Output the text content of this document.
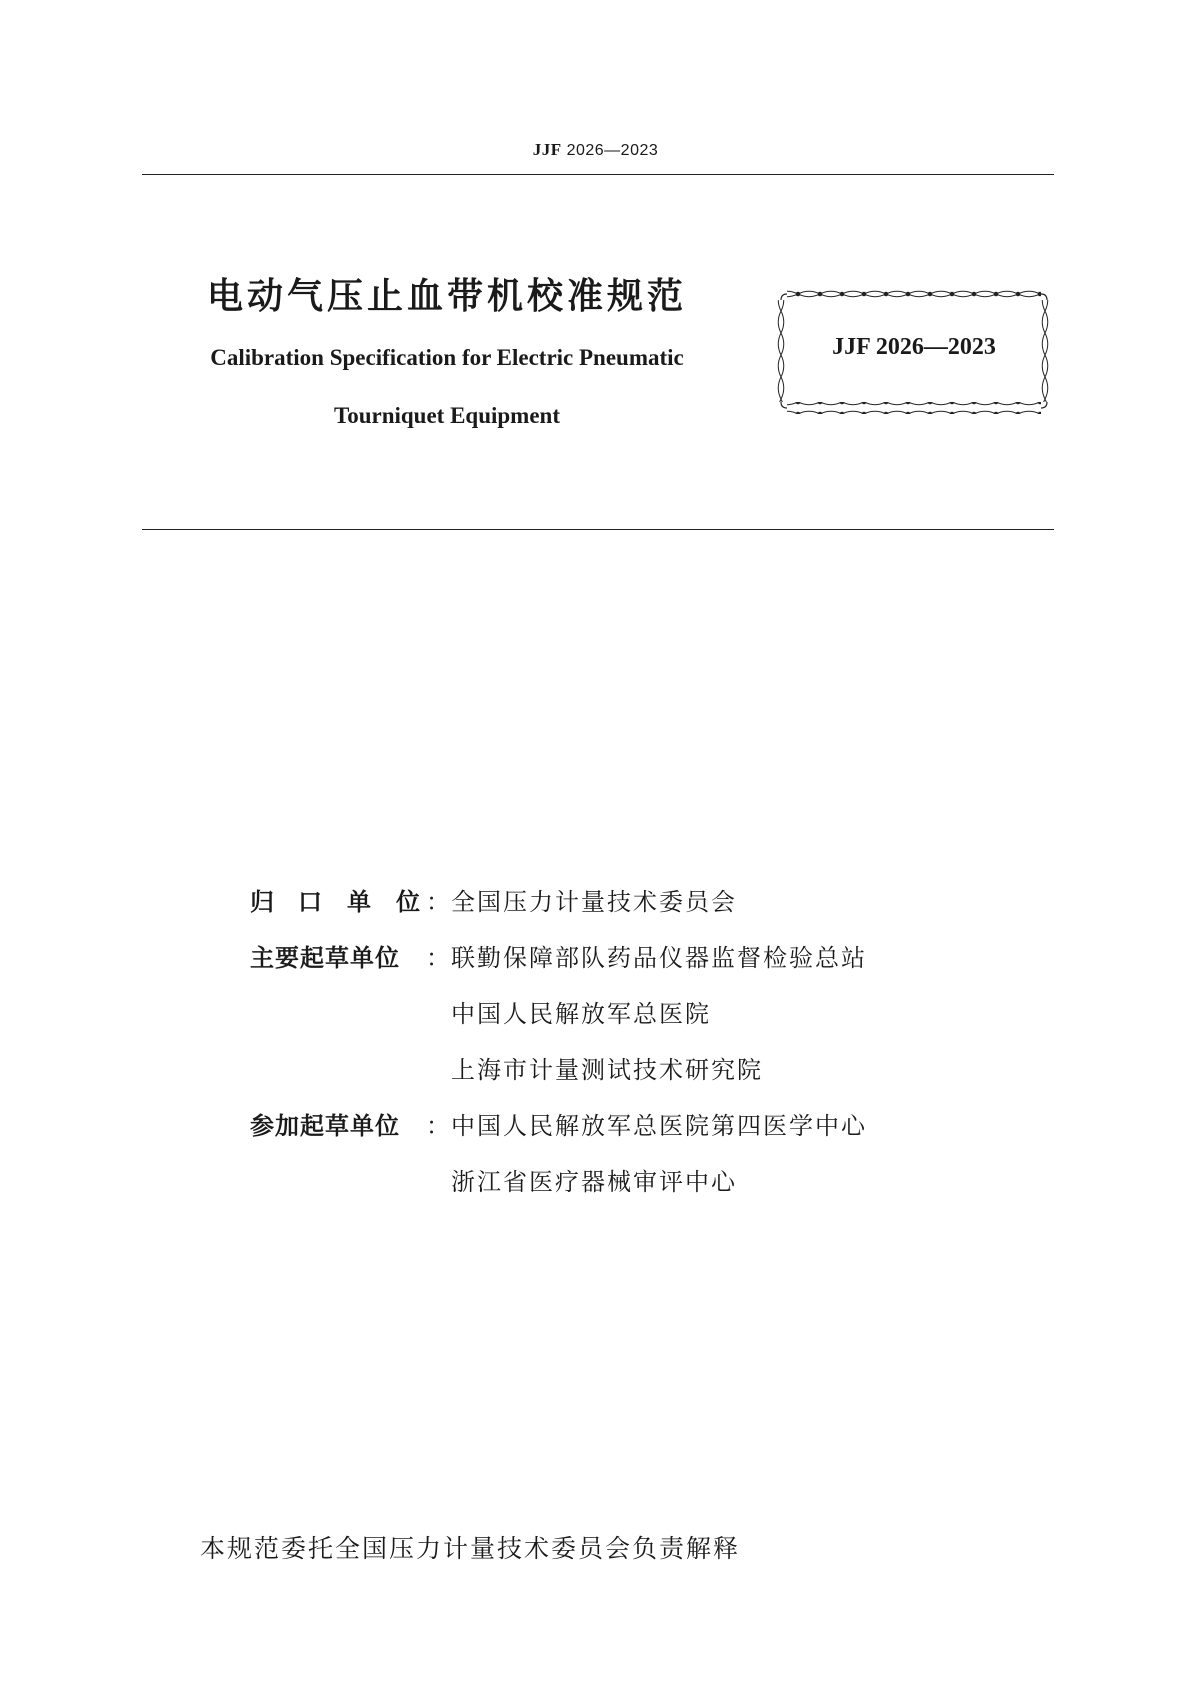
JJF 2026—2023
电动气压止血带机校准规范
Calibration Specification for Electric Pneumatic
Tourniquet Equipment
JJF 2026—2023
归 口 单 位 ： 全国压力计量技术委员会
主要起草单位	： 联勤保障部队药品仪器监督检验总站
中国人民解放军总医院
上海市计量测试技术研究院
参加起草单位	： 中国人民解放军总医院第四医学中心
浙江省医疗器械审评中心
本规范委托全国压力计量技术委员会负责解释
